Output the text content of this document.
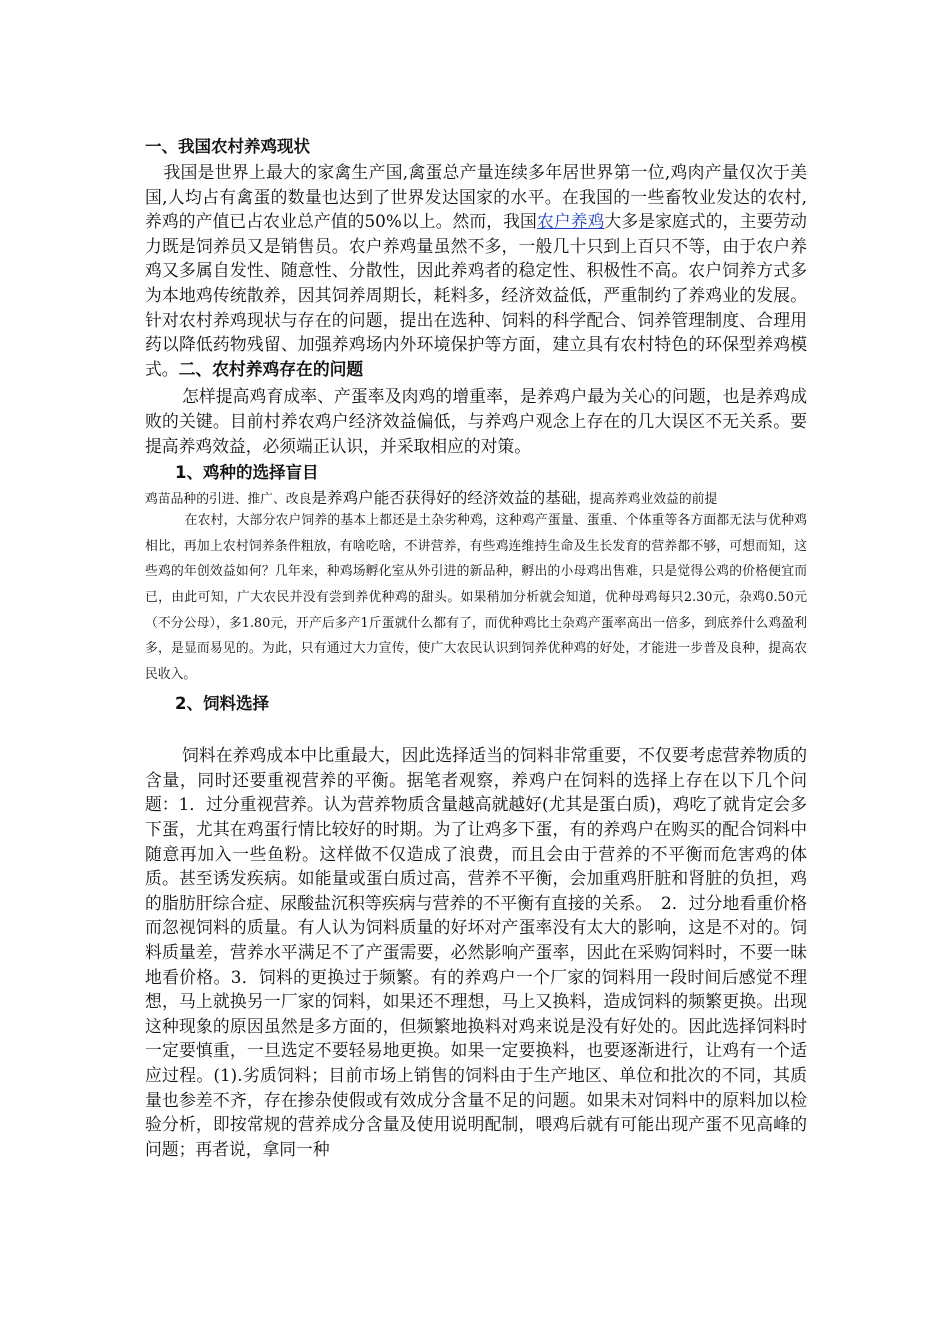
一、我国农村养鸡现状

我国是世界上最大的家禽生产国,禽蛋总产量连续多年居世界第一位,鸡肉产量仅次于美国,人均占有禽蛋的数量也达到了世界发达国家的水平。在我国的一些畜牧业发达的农村,养鸡的产值已占农业总产值的50%以上。然而，我国农户养鸡大多是家庭式的，主要劳动力既是饲养员又是销售员。农户养鸡量虽然不多，一般几十只到上百只不等，由于农户养鸡又多属自发性、随意性、分散性，因此养鸡者的稳定性、积极性不高。农户饲养方式多为本地鸡传统散养，因其饲养周期长，耗料多，经济效益低，严重制约了养鸡业的发展。针对农村养鸡现状与存在的问题，提出在选种、饲料的科学配合、饲养管理制度、合理用药以降低药物残留、加强养鸡场内外环境保护等方面，建立具有农村特色的环保型养鸡模式。二、农村养鸡存在的问题

怎样提高鸡育成率、产蛋率及肉鸡的增重率，是养鸡户最为关心的问题，也是养鸡成败的关键。目前村养农鸡户经济效益偏低，与养鸡户观念上存在的几大误区不无关系。要提高养鸡效益，必须端正认识，并采取相应的对策。

1、鸡种的选择盲目

鸡苗品种的引进、推广、改良是养鸡户能否获得好的经济效益的基础，提高养鸡业效益的前提

在农村，大部分农户饲养的基本上都还是土杂劣种鸡，这种鸡产蛋量、蛋重、个体重等各方面都无法与优种鸡相比，再加上农村饲养条件粗放，有啥吃啥，不讲营养，有些鸡连维持生命及生长发育的营养都不够，可想而知，这些鸡的年创效益如何？几年来，种鸡场孵化室从外引进的新品种，孵出的小母鸡出售难，只是觉得公鸡的价格便宜而已，由此可知，广大农民并没有尝到养优种鸡的甜头。如果稍加分析就会知道，优种母鸡每只2.30元，杂鸡0.50元（不分公母），多1.80元，开产后多产1斤蛋就什么都有了，而优种鸡比土杂鸡产蛋率高出一倍多，到底养什么鸡盈利多，是显而易见的。为此，只有通过大力宣传，使广大农民认识到饲养优种鸡的好处，才能进一步普及良种，提高农民收入。

2、饲料选择

饲料在养鸡成本中比重最大，因此选择适当的饲料非常重要，不仅要考虑营养物质的含量，同时还要重视营养的平衡。据笔者观察，养鸡户在饲料的选择上存在以下几个问题：1．过分重视营养。认为营养物质含量越高就越好(尤其是蛋白质)，鸡吃了就肯定会多下蛋，尤其在鸡蛋行情比较好的时期。为了让鸡多下蛋，有的养鸡户在购买的配合饲料中随意再加入一些鱼粉。这样做不仅造成了浪费，而且会由于营养的不平衡而危害鸡的体质。甚至诱发疾病。如能量或蛋白质过高，营养不平衡，会加重鸡肝脏和肾脏的负担，鸡的脂肪肝综合症、尿酸盐沉积等疾病与营养的不平衡有直接的关系。　2．过分地看重价格而忽视饲料的质量。有人认为饲料质量的好坏对产蛋率没有太大的影响，这是不对的。饲料质量差，营养水平满足不了产蛋需要，必然影响产蛋率，因此在采购饲料时，不要一昧地看价格。3．饲料的更换过于频繁。有的养鸡户一个厂家的饲料用一段时间后感觉不理想，马上就换另一厂家的饲料，如果还不理想，马上又换料，造成饲料的频繁更换。出现这种现象的原因虽然是多方面的，但频繁地换料对鸡来说是没有好处的。因此选择饲料时一定要慎重，一旦选定不要轻易地更换。如果一定要换料，也要逐渐进行，让鸡有一个适应过程。(1).劣质饲料；目前市场上销售的饲料由于生产地区、单位和批次的不同，其质量也参差不齐，存在掺杂使假或有效成分含量不足的问题。如果未对饲料中的原料加以检验分析，即按常规的营养成分含量及使用说明配制，喂鸡后就有可能出现产蛋不见高峰的问题；再者说，拿同一种
